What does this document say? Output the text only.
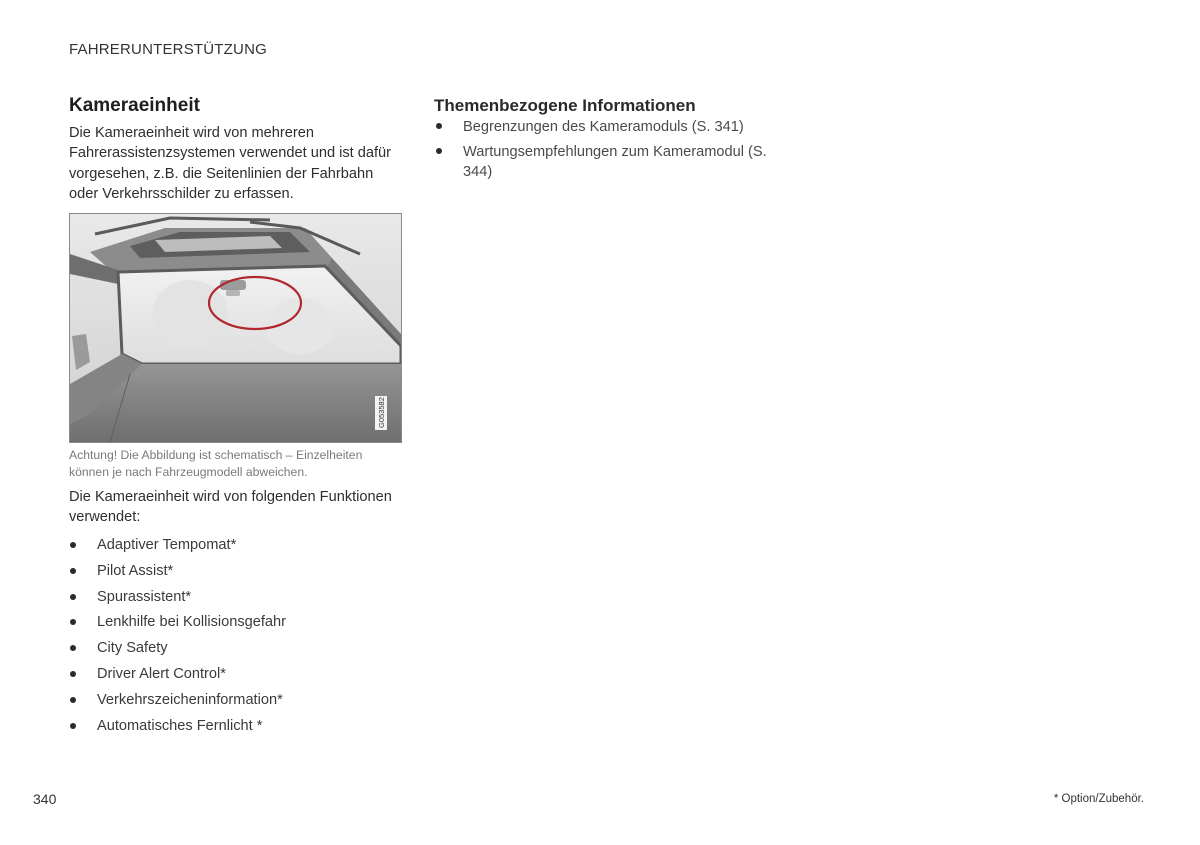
FAHRERUNTERSTÜTZUNG
Kameraeinheit

Die Kameraeinheit wird von mehreren Fahrerassistenzsystemen verwendet und ist dafür vorgesehen, z.B. die Seitenlinien der Fahrbahn oder Verkehrsschilder zu erfassen.

G053582
Achtung! Die Abbildung ist schematisch – Einzelheiten können je nach Fahrzeugmodell abweichen.
Die Kameraeinheit wird von folgenden Funktionen verwendet:
Adaptiver Tempomat*
Pilot Assist*
Spurassistent*
Lenkhilfe bei Kollisionsgefahr
City Safety
Driver Alert Control*
Verkehrszeicheninformation*
Automatisches Fernlicht *
Themenbezogene Informationen
Begrenzungen des Kameramoduls (S. 341)
Wartungsempfehlungen zum Kameramodul (S. 344)
340	* Option/Zubehör.
